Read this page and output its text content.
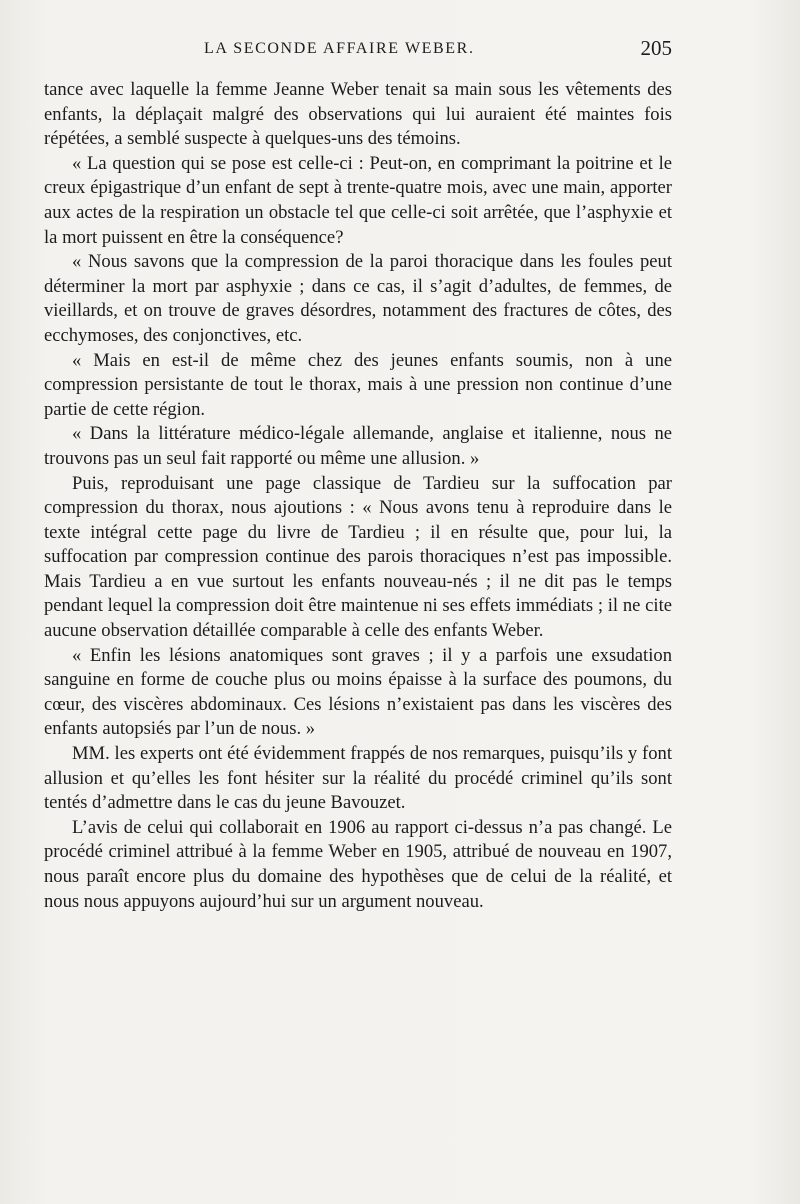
LA SECONDE AFFAIRE WEBER.	205

tance avec laquelle la femme Jeanne Weber tenait sa main sous les vêtements des enfants, la déplaçait malgré des observations qui lui auraient été maintes fois répétées, a semblé suspecte à quelques-uns des témoins.

« La question qui se pose est celle-ci : Peut-on, en comprimant la poitrine et le creux épigastrique d’un enfant de sept à trente-quatre mois, avec une main, apporter aux actes de la respiration un obstacle tel que celle-ci soit arrêtée, que l’asphyxie et la mort puissent en être la conséquence?

« Nous savons que la compression de la paroi thoracique dans les foules peut déterminer la mort par asphyxie ; dans ce cas, il s’agit d’adultes, de femmes, de vieillards, et on trouve de graves désordres, notamment des fractures de côtes, des ecchymoses, des conjonctives, etc.

« Mais en est-il de même chez des jeunes enfants soumis, non à une compression persistante de tout le thorax, mais à une pression non continue d’une partie de cette région.

« Dans la littérature médico-légale allemande, anglaise et italienne, nous ne trouvons pas un seul fait rapporté ou même une allusion. »

Puis, reproduisant une page classique de Tardieu sur la suffocation par compression du thorax, nous ajoutions : « Nous avons tenu à reproduire dans le texte intégral cette page du livre de Tardieu ; il en résulte que, pour lui, la suffocation par compression continue des parois thoraciques n’est pas impossible. Mais Tardieu a en vue surtout les enfants nouveau-nés ; il ne dit pas le temps pendant lequel la compression doit être maintenue ni ses effets immédiats ; il ne cite aucune observation détaillée comparable à celle des enfants Weber.

« Enfin les lésions anatomiques sont graves ; il y a parfois une exsudation sanguine en forme de couche plus ou moins épaisse à la surface des poumons, du cœur, des viscères abdominaux. Ces lésions n’existaient pas dans les viscères des enfants autopsiés par l’un de nous. »

MM. les experts ont été évidemment frappés de nos remarques, puisqu’ils y font allusion et qu’elles les font hésiter sur la réalité du procédé criminel qu’ils sont tentés d’admettre dans le cas du jeune Bavouzet.

L’avis de celui qui collaborait en 1906 au rapport ci-dessus n’a pas changé. Le procédé criminel attribué à la femme Weber en 1905, attribué de nouveau en 1907, nous paraît encore plus du domaine des hypothèses que de celui de la réalité, et nous nous appuyons aujourd’hui sur un argument nouveau.
